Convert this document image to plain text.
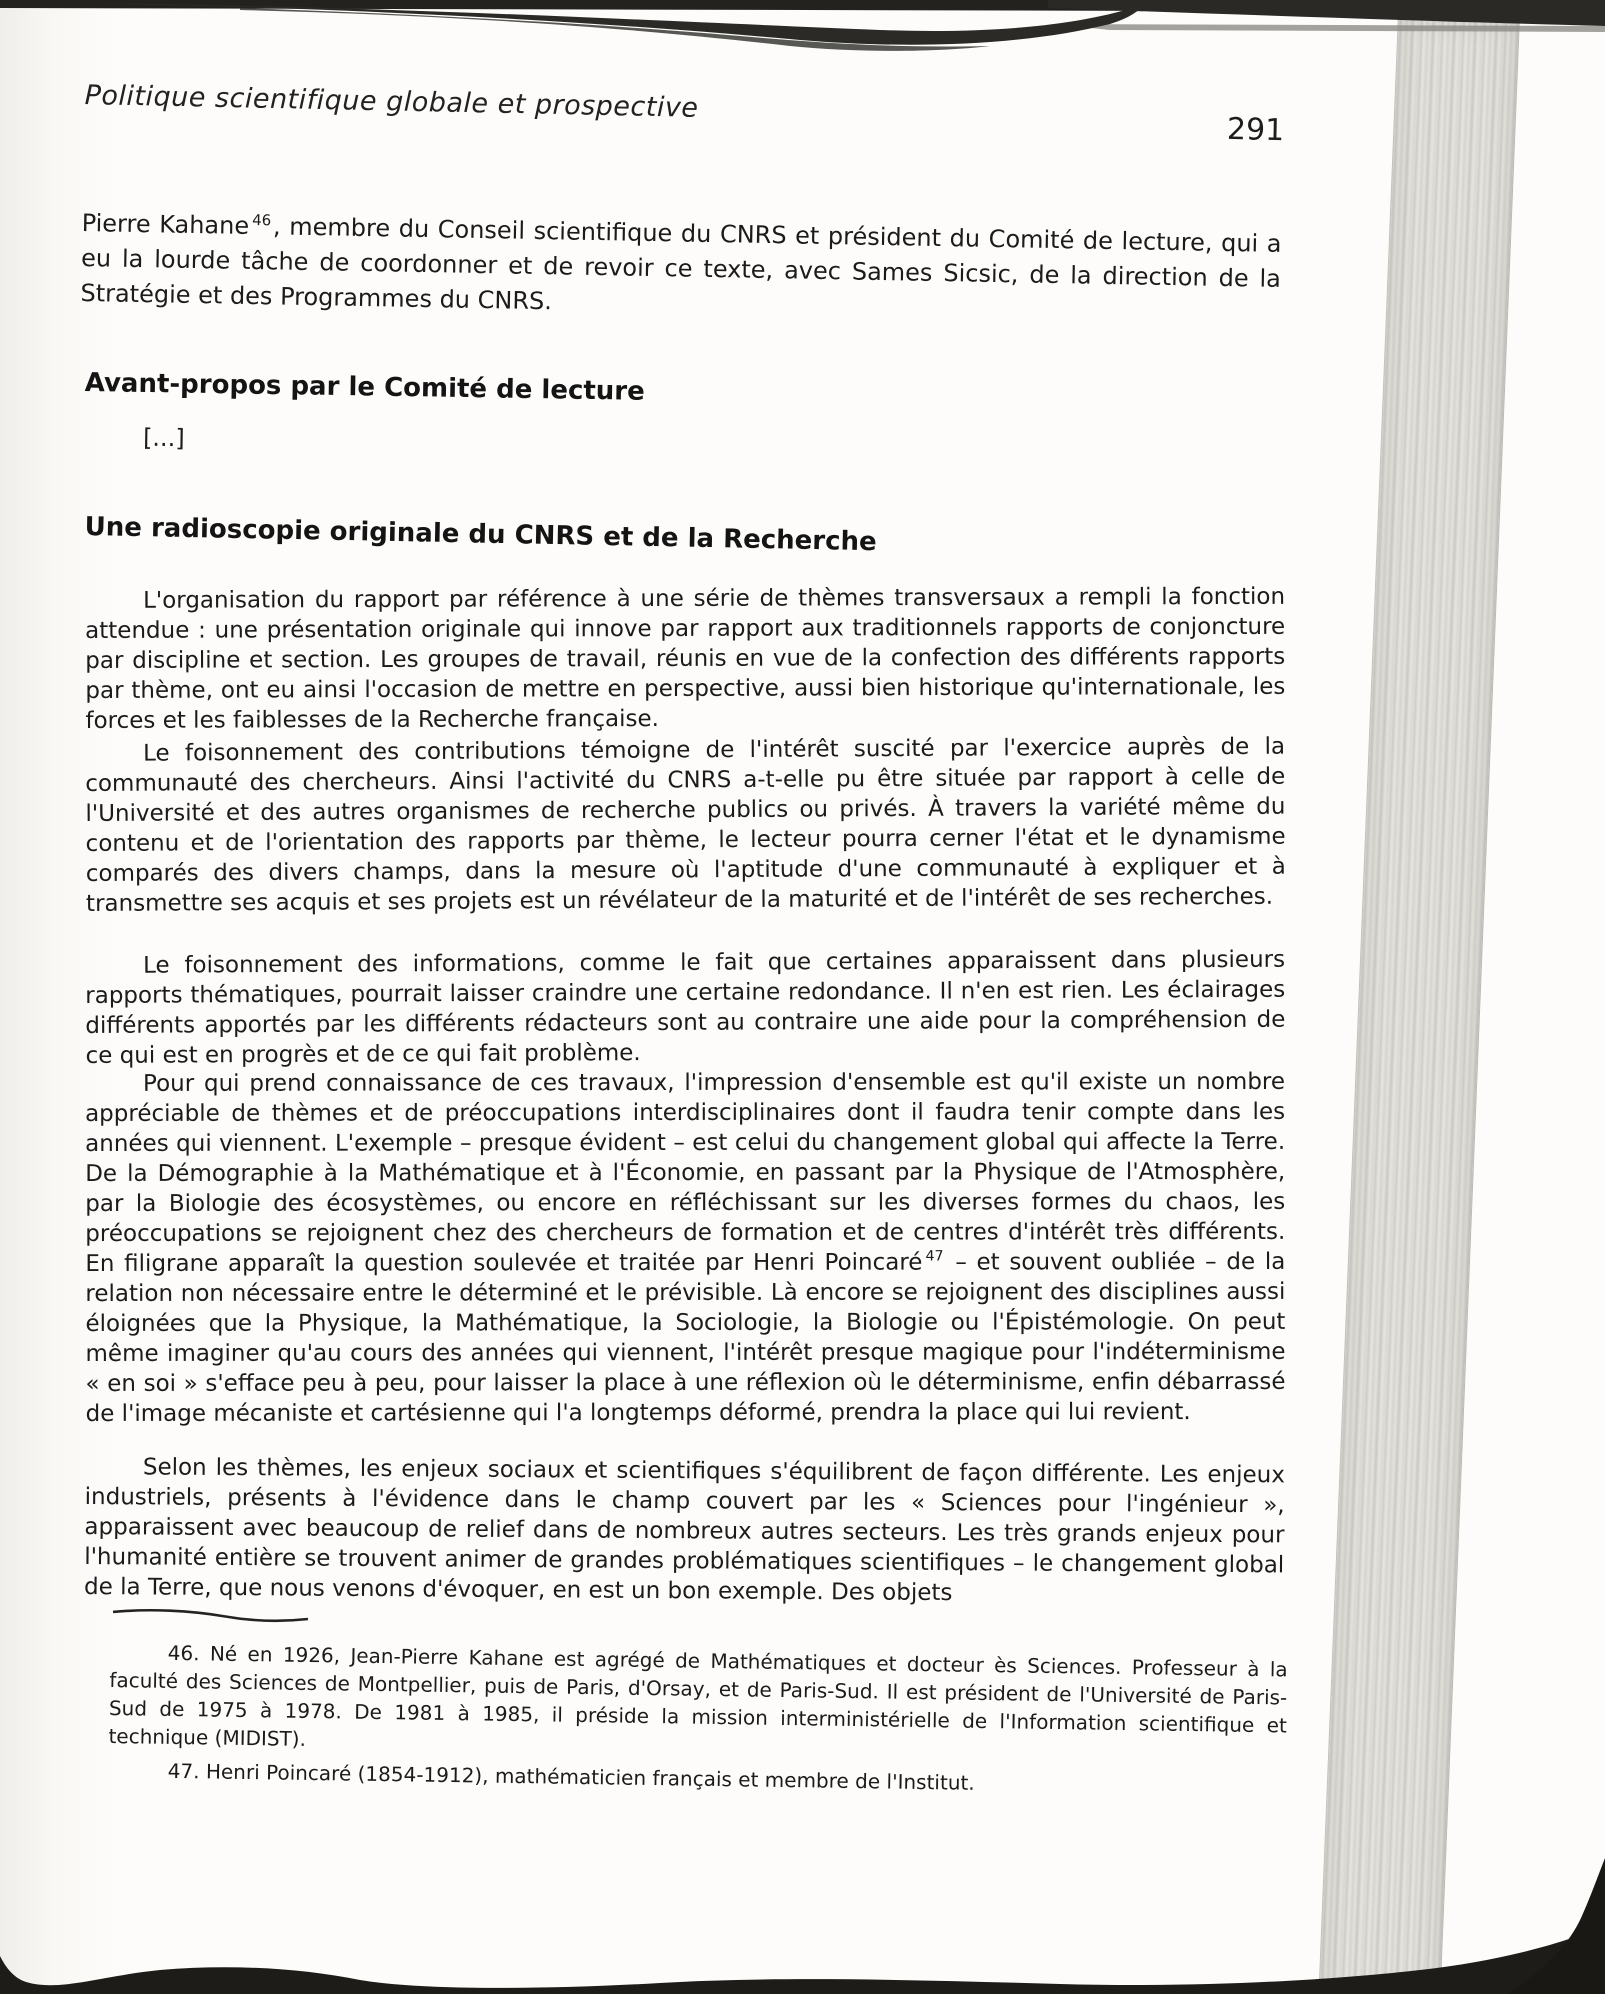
Politique scientifique globale et prospective
291

Pierre Kahane $^{46}$, membre du Conseil scientifique du CNRS et président du Comité de lecture, qui a eu la lourde tâche de coordonner et de revoir ce texte, avec Sames Sicsic, de la direction de la Stratégie et des Programmes du CNRS.

Avant-propos par le Comité de lecture
[...]
Une radioscopie originale du CNRS et de la Recherche

L'organisation du rapport par référence à une série de thèmes transversaux a rempli la fonction attendue : une présentation originale qui innove par rapport aux traditionnels rapports de conjoncture par discipline et section. Les groupes de travail, réunis en vue de la confection des différents rapports par thème, ont eu ainsi l'occasion de mettre en perspective, aussi bien historique qu'internationale, les forces et les faiblesses de la Recherche française.

Le foisonnement des contributions témoigne de l'intérêt suscité par l'exercice auprès de la communauté des chercheurs. Ainsi l'activité du CNRS a-t-elle pu être située par rapport à celle de l'Université et des autres organismes de recherche publics ou privés. À travers la variété même du contenu et de l'orientation des rapports par thème, le lecteur pourra cerner l'état et le dynamisme comparés des divers champs, dans la mesure où l'aptitude d'une communauté à expliquer et à transmettre ses acquis et ses projets est un révélateur de la maturité et de l'intérêt de ses recherches.

Le foisonnement des informations, comme le fait que certaines apparaissent dans plusieurs rapports thématiques, pourrait laisser craindre une certaine redondance. Il n'en est rien. Les éclairages différents apportés par les différents rédacteurs sont au contraire une aide pour la compréhension de ce qui est en progrès et de ce qui fait problème.

Pour qui prend connaissance de ces travaux, l'impression d'ensemble est qu'il existe un nombre appréciable de thèmes et de préoccupations interdisciplinaires dont il faudra tenir compte dans les années qui viennent. L'exemple – presque évident – est celui du changement global qui affecte la Terre. De la Démographie à la Mathématique et à l'Économie, en passant par la Physique de l'Atmosphère, par la Biologie des écosystèmes, ou encore en réfléchissant sur les diverses formes du chaos, les préoccupations se rejoignent chez des chercheurs de formation et de centres d'intérêt très différents. En filigrane apparaît la question soulevée et traitée par Henri Poincaré $^{47}$ – et souvent oubliée – de la relation non nécessaire entre le déterminé et le prévisible. Là encore se rejoignent des disciplines aussi éloignées que la Physique, la Mathématique, la Sociologie, la Biologie ou l'Épistémologie. On peut même imaginer qu'au cours des années qui viennent, l'intérêt presque magique pour l'indéterminisme « en soi » s'efface peu à peu, pour laisser la place à une réflexion où le déterminisme, enfin débarrassé de l'image mécaniste et cartésienne qui l'a longtemps déformé, prendra la place qui lui revient.

Selon les thèmes, les enjeux sociaux et scientifiques s'équilibrent de façon différente. Les enjeux industriels, présents à l'évidence dans le champ couvert par les « Sciences pour l'ingénieur », apparaissent avec beaucoup de relief dans de nombreux autres secteurs. Les très grands enjeux pour l'humanité entière se trouvent animer de grandes problématiques scientifiques – le changement global de la Terre, que nous venons d'évoquer, en est un bon exemple. Des objets

46. Né en 1926, Jean-Pierre Kahane est agrégé de Mathématiques et docteur ès Sciences. Professeur à la faculté des Sciences de Montpellier, puis de Paris, d'Orsay, et de Paris-Sud. Il est président de l'Université de Paris-Sud de 1975 à 1978. De 1981 à 1985, il préside la mission interministérielle de l'Information scientifique et technique (MIDIST).

47. Henri Poincaré (1854-1912), mathématicien français et membre de l'Institut.
